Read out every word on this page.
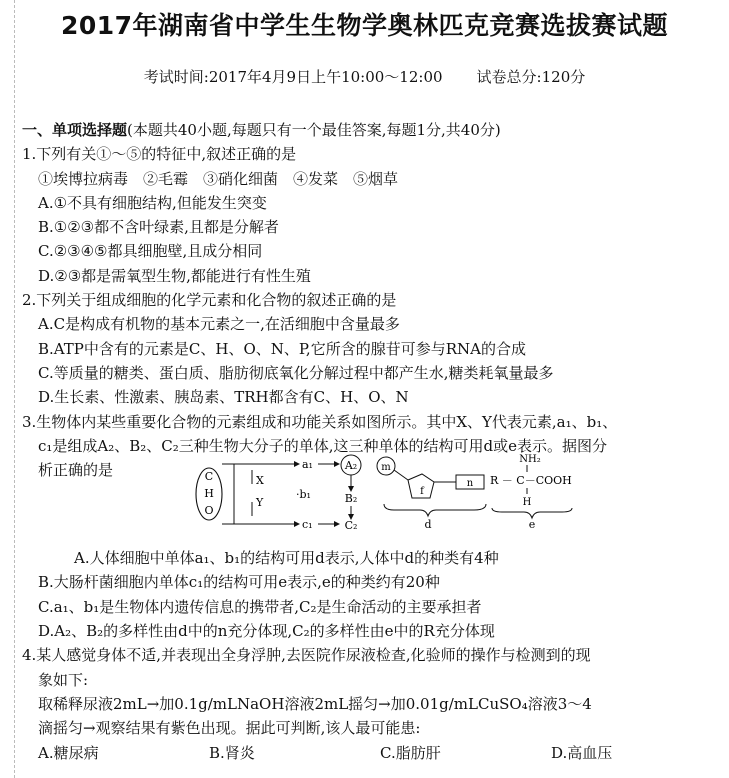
2017年湖南省中学生生物学奥林匹克竞赛选拔赛试题
考试时间:2017年4月9日上午10:00～12:00 试卷总分:120分
一、单项选择题(本题共40小题,每题只有一个最佳答案,每题1分,共40分)
1.下列有关①～⑤的特征中,叙述正确的是
①埃博拉病毒　②毛霉　③硝化细菌　④发菜　⑤烟草
A.①不具有细胞结构,但能发生突变
B.①②③都不含叶绿素,且都是分解者
C.②③④⑤都具细胞壁,且成分相同
D.②③都是需氧型生物,都能进行有性生殖
2.下列关于组成细胞的化学元素和化合物的叙述正确的是
A.C是构成有机物的基本元素之一,在活细胞中含量最多
B.ATP中含有的元素是C、H、O、N、P,它所含的腺苷可参与RNA的合成
C.等质量的糖类、蛋白质、脂肪彻底氧化分解过程中都产生水,糖类耗氧量最多
D.生长素、性激素、胰岛素、TRH都含有C、H、O、N
3.生物体内某些重要化合物的元素组成和功能关系如图所示。其中X、Y代表元素,a₁、b₁、
c₁是组成A₂、B₂、C₂三种生物大分子的单体,这三种单体的结构可用d或e表示。据图分
析正确的是	C
H
O
X
Y
a₁
·b₁
c₁
A₂
B₂
C₂
m
f
n
d
NH₂
R － C－COOH
H
e
A.人体细胞中单体a₁、b₁的结构可用d表示,人体中d的种类有4种
B.大肠杆菌细胞内单体c₁的结构可用e表示,e的种类约有20种
C.a₁、b₁是生物体内遗传信息的携带者,C₂是生命活动的主要承担者
D.A₂、B₂的多样性由d中的n充分体现,C₂的多样性由e中的R充分体现
4.某人感觉身体不适,并表现出全身浮肿,去医院作尿液检查,化验师的操作与检测到的现
象如下:
取稀释尿液2mL→加0.1g/mLNaOH溶液2mL摇匀→加0.01g/mLCuSO₄溶液3～4
滴摇匀→观察结果有紫色出现。据此可判断,该人最可能患:
A.糖尿病	B.肾炎	C.脂肪肝	D.高血压
